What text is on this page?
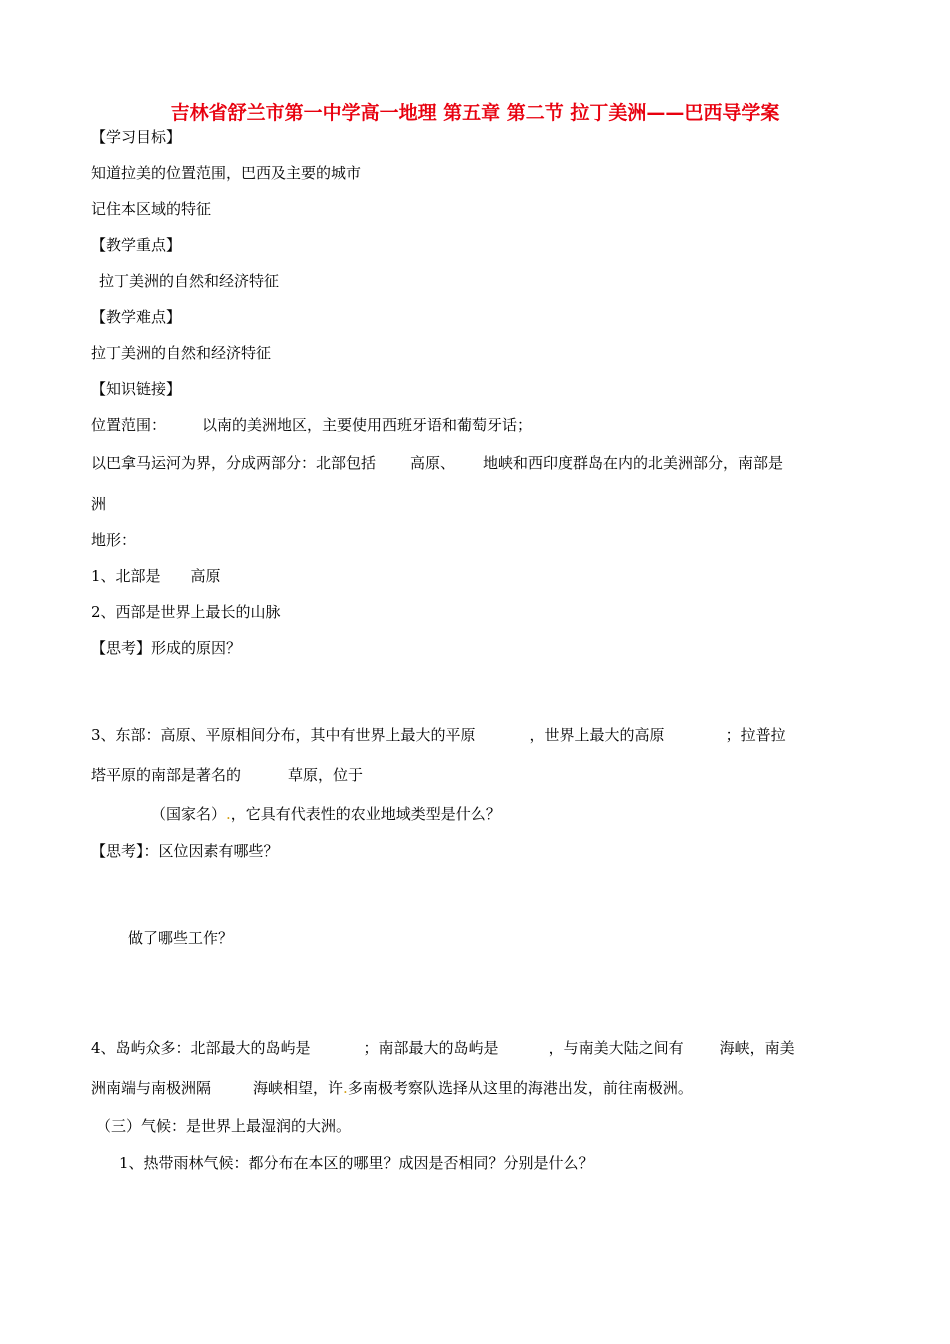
吉林省舒兰市第一中学高一地理 第五章 第二节 拉丁美洲——巴西导学案
【学习目标】
知道拉美的位置范围，巴西及主要的城市
记住本区域的特征
【教学重点】
拉丁美洲的自然和经济特征
【教学难点】
拉丁美洲的自然和经济特征
【知识链接】
位置范围： 以南的美洲地区，主要使用西班牙语和葡萄牙话；
以巴拿马运河为界，分成两部分：北部包括 高原、 地峡和西印度群岛在内的北美洲部分，南部是
洲
地形：
1、北部是 高原
2、西部是世界上最长的山脉
【思考】形成的原因？
3、东部：高原、平原相间分布，其中有世界上最大的平原	，世界上最大的高原	；拉普拉
塔平原的南部是著名的	草原，位于
（国家名）.，它具有代表性的农业地域类型是什么？
【思考】：区位因素有哪些？
做了哪些工作？
4、岛屿众多：北部最大的岛屿是	；南部最大的岛屿是	，与南美大陆之间有 海峡，南美
洲南端与南极洲隔	海峡相望，许.多南极考察队选择从这里的海港出发，前往南极洲。
（三）气候：是世界上最湿润的大洲。
1、热带雨林气候：都分布在本区的哪里？成因是否相同？分别是什么？
